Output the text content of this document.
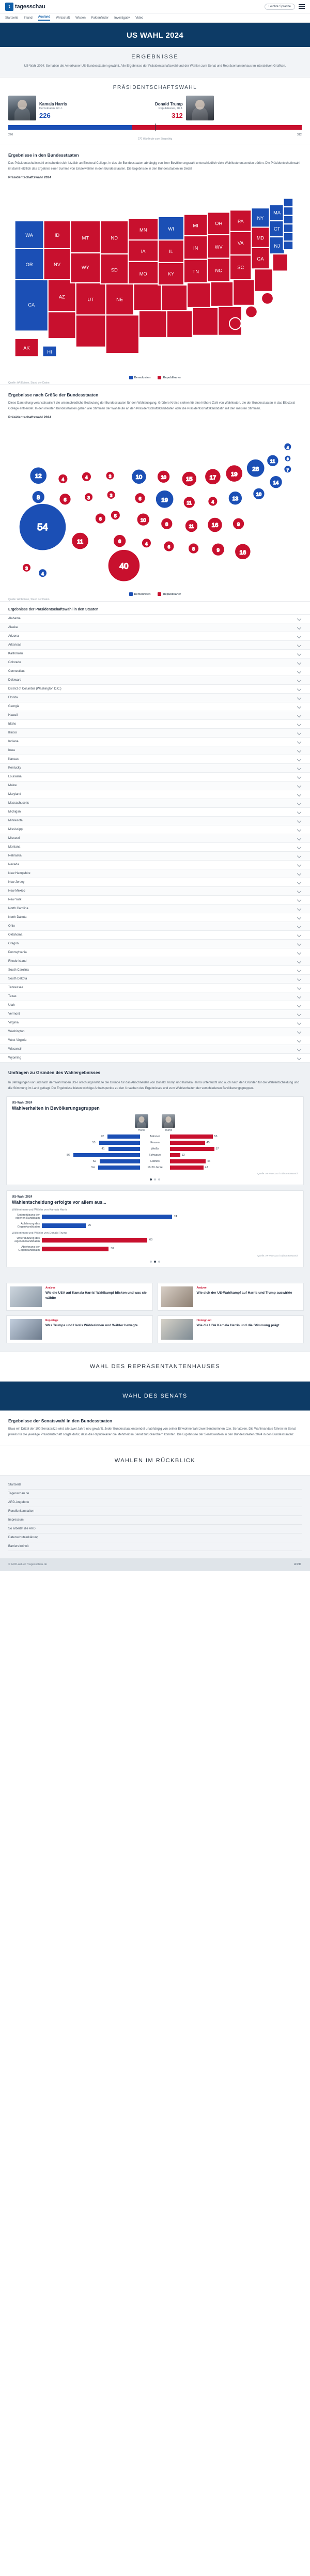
t tagesschau	Leichte Sprache
Startseite Inland Ausland Wirtschaft Wissen Faktenfinder Investigativ Video
US WAHL 2024
ERGEBNISSE

US-Wahl 2024: So haben die Amerikaner US-Bundesstaaten gewählt. Alle Ergebnisse der Präsidentschaftswahl und der Wahlen zum Senat und Repräsentantenhaus im interaktiven Grafiken.

PRÄSIDENTSCHAFTSWAHL
Kamala Harris
Demokraten, 60 J.
226
Donald Trump
Republikaner, 78 J.
312
226	312
270 Wahlleute zum Sieg nötig
Ergebnisse in den Bundesstaaten

Das Präsidentschaftswahl entscheidet sich letztlich an Electoral College, in das die Bundesstaaten abhängig von ihrer Bevölkerungszahl unterschiedlich viele Wahlleute entsenden dürfen. Die Präsidentschaftswahl ist damit letztlich das Ergebnis einer Summe von Einzelwahlen in den Bundesstaaten. Die Ergebnisse in den Bundesstaaten im Detail:

Präsidentschaftswahl 2024
WA
OR
CA
ID
NV
AZ
MT
WY
UT
ND
SD
NE
MN
IA
MO
WI
IL
KY
MI
IN
TN
OH
WV
NC
PA
VA
SC
NY
MD
GA
MA
CT
NJ
AK
HI
Demokraten	Republikaner
Quelle: AP/Edison, Stand der Daten
Ergebnisse nach Größe der Bundesstaaten

Diese Darstellung veranschaulicht die unterschiedliche Bedeutung der Bundesstaaten für den Wahlausgang. Größere Kreise stehen für eine höhere Zahl von Wahlleuten, die der Bundesstaaten in das Electoral College entsendet. In den meisten Bundesstaaten gehen alle Stimmen der Wahlleute an den Präsidentschaftskandidaten oder die Präsidentschaftskandidatin mit den meisten Stimmen.

Präsidentschaftswahl 2024
12
8
54
4
6
11
4
3
6
3
3
5
6
40
10
6
10
4
10
19
8
6
15
11
11
8
17
4
16
9
19
13
9
16
28
10
11
14
4
3
7
3
4
Demokraten	Republikaner
Quelle: AP/Edison, Stand der Daten
Ergebnisse der Präsidentschaftswahl in den Staaten
Alabama
Alaska
Arizona
Arkansas
Kalifornien
Colorado
Connecticut
Delaware
District of Columbia (Washington D.C.)
Florida
Georgia
Hawaii
Idaho
Illinois
Indiana
Iowa
Kansas
Kentucky
Louisiana
Maine
Maryland
Massachusetts
Michigan
Minnesota
Mississippi
Missouri
Montana
Nebraska
Nevada
New Hampshire
New Jersey
New Mexico
New York
North Carolina
North Dakota
Ohio
Oklahoma
Oregon
Pennsylvania
Rhode Island
South Carolina
South Dakota
Tennessee
Texas
Utah
Vermont
Virginia
Washington
West Virginia
Wisconsin
Wyoming
Umfragen zu Gründen des Wahlergebnisses

In Befragungen vor und nach der Wahl haben US-Forschungsinstitute die Gründe für das Abschneiden von Donald Trump und Kamala Harris untersucht und auch nach den Gründen für die Wahlentscheidung und die Stimmung im Land gefragt. Die Ergebnisse bieten wichtige Anhaltspunkte zu den Ursachen des Ergebnisses und zum Wahlverhalten der verschiedenen Bevölkerungsgruppen.

US-Wahl 2024
Wahlverhalten in Bevölkerungsgruppen
Harris	Trump
42	Männer	55
53	Frauen	45
41	Weiße	57
86	Schwarze	13
52	Latinos	46
54	18-29 Jahre	43
Quelle: AP VoteCast / Edison Research
US-Wahl 2024
Wahlentscheidung erfolgte vor allem aus...
Wählerinnen und Wähler von Kamala Harris
Unterstützung der eigenen Kandidatin	74
Ablehnung des Gegenkandidaten	25
Wählerinnen und Wähler von Donald Trump
Unterstützung des eigenen Kandidaten	60
Ablehnung der Gegenkandidatin	38
Quelle: AP VoteCast / Edison Research
Analyse
Wie die USA auf Kamala Harris' Wahlkampf blicken und was sie wählte
Analyse
Wie sich der US-Wahlkampf auf Harris und Trump auswirkte
Reportage
Was Trumps und Harris Wählerinnen und Wähler bewegte
Hintergrund
Wie die USA Kamala Harris und die Stimmung prägt
WAHL DES REPRÄSENTANTENHAUSES
WAHL DES SENATS
Ergebnisse der Senatswahl in den Bundesstaaten

Etwa ein Drittel der 100 Senatssitze wird alle zwei Jahre neu gewählt. Jeder Bundesstaat entsendet unabhängig von seiner Einwohnerzahl zwei Senatorinnen bzw. Senatoren. Die Wahlmandate führen im Senat jeweils für die jeweilige Präsidentschaft sorgte dafür, dass die Republikaner die Mehrheit im Senat zurückerobern konnten. Die Ergebnisse der Senatswahlen in den Bundesstaaten 2024 in den Bundesstaaten:

WAHLEN IM RÜCKBLICK
Startseite
Tagesschau.de
ARD-Angebote
Rundfunkanstalten
Impressum
So arbeitet die ARD
Datenschutzerklärung
Barrierefreiheit
© ARD-aktuell / tagesschau.de	ARD
